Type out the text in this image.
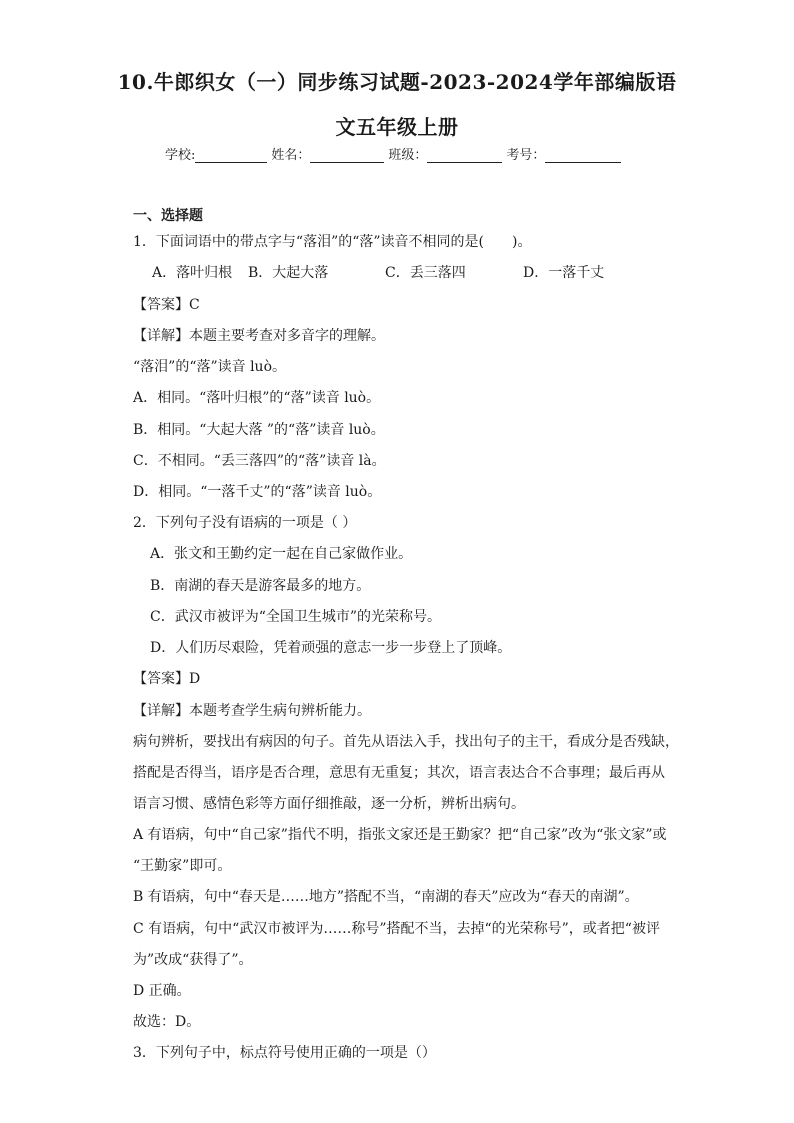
10.牛郎织女（一）同步练习试题-2023-2024学年部编版语
文五年级上册
学校:	姓名：	班级：	考号：
一、选择题
1．下面词语中的带点字与“落泪”的“落”读音不相同的是(　　)。
A．落叶归根	B．大起大落	C．丢三落四	D．一落千丈
【答案】C
【详解】本题主要考查对多音字的理解。
“落泪”的“落”读音 luò。
A．相同。“落叶归根”的“落”读音 luò。
B．相同。“大起大落 ”的“落”读音 luò。
C．不相同。“丢三落四”的“落”读音 là。
D．相同。“一落千丈”的“落”读音 luò。
2．下列句子没有语病的一项是（ ）
A．张文和王勤约定一起在自己家做作业。
B．南湖的春天是游客最多的地方。
C．武汉市被评为“全国卫生城市”的光荣称号。
D．人们历尽艰险，凭着顽强的意志一步一步登上了顶峰。
【答案】D
【详解】本题考查学生病句辨析能力。
病句辨析，要找出有病因的句子。首先从语法入手，找出句子的主干，看成分是否残缺，
搭配是否得当，语序是否合理，意思有无重复；其次，语言表达合不合事理；最后再从
语言习惯、感情色彩等方面仔细推敲，逐一分析，辨析出病句。
A 有语病，句中“自己家”指代不明，指张文家还是王勤家？把“自己家”改为“张文家”或
“王勤家”即可。
B 有语病，句中“春天是……地方”搭配不当，“南湖的春天”应改为“春天的南湖”。
C 有语病，句中“武汉市被评为……称号”搭配不当，去掉“的光荣称号”，或者把“被评
为”改成“获得了”。
D 正确。
故选：D。
3．下列句子中，标点符号使用正确的一项是（）
